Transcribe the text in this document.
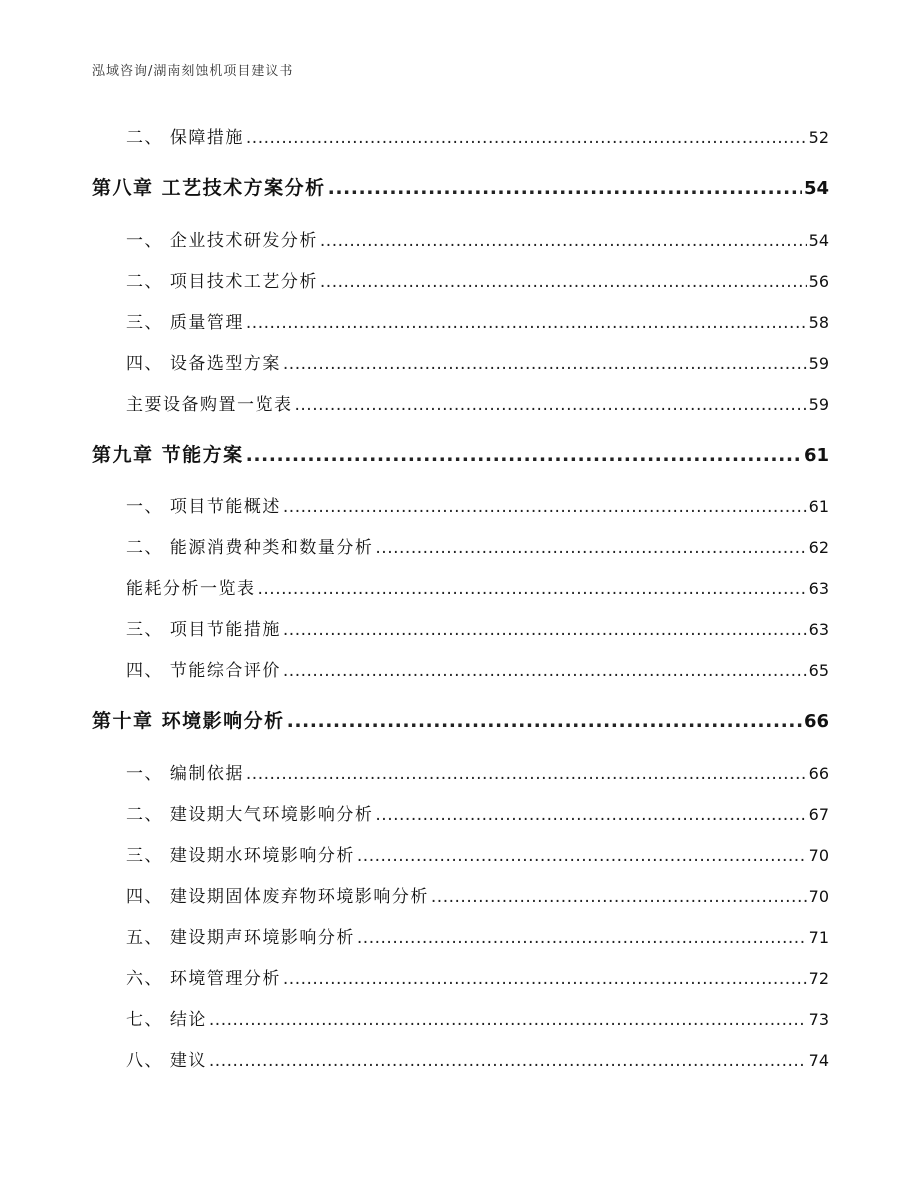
泓域咨询/湖南刻蚀机项目建议书
二、 保障措施 .....	52
第八章 工艺技术方案分析 .....	54
一、 企业技术研发分析 .....	54
二、 项目技术工艺分析 .....	56
三、 质量管理 .....	58
四、 设备选型方案 .....	59
主要设备购置一览表 .....	59
第九章 节能方案 .....	61
一、 项目节能概述 .....	61
二、 能源消费种类和数量分析 .....	62
能耗分析一览表 .....	63
三、 项目节能措施 .....	63
四、 节能综合评价 .....	65
第十章 环境影响分析 .....	66
一、 编制依据 .....	66
二、 建设期大气环境影响分析 .....	67
三、 建设期水环境影响分析 .....	70
四、 建设期固体废弃物环境影响分析 .....	70
五、 建设期声环境影响分析 .....	71
六、 环境管理分析 .....	72
七、 结论 .....	73
八、 建议 .....	74
